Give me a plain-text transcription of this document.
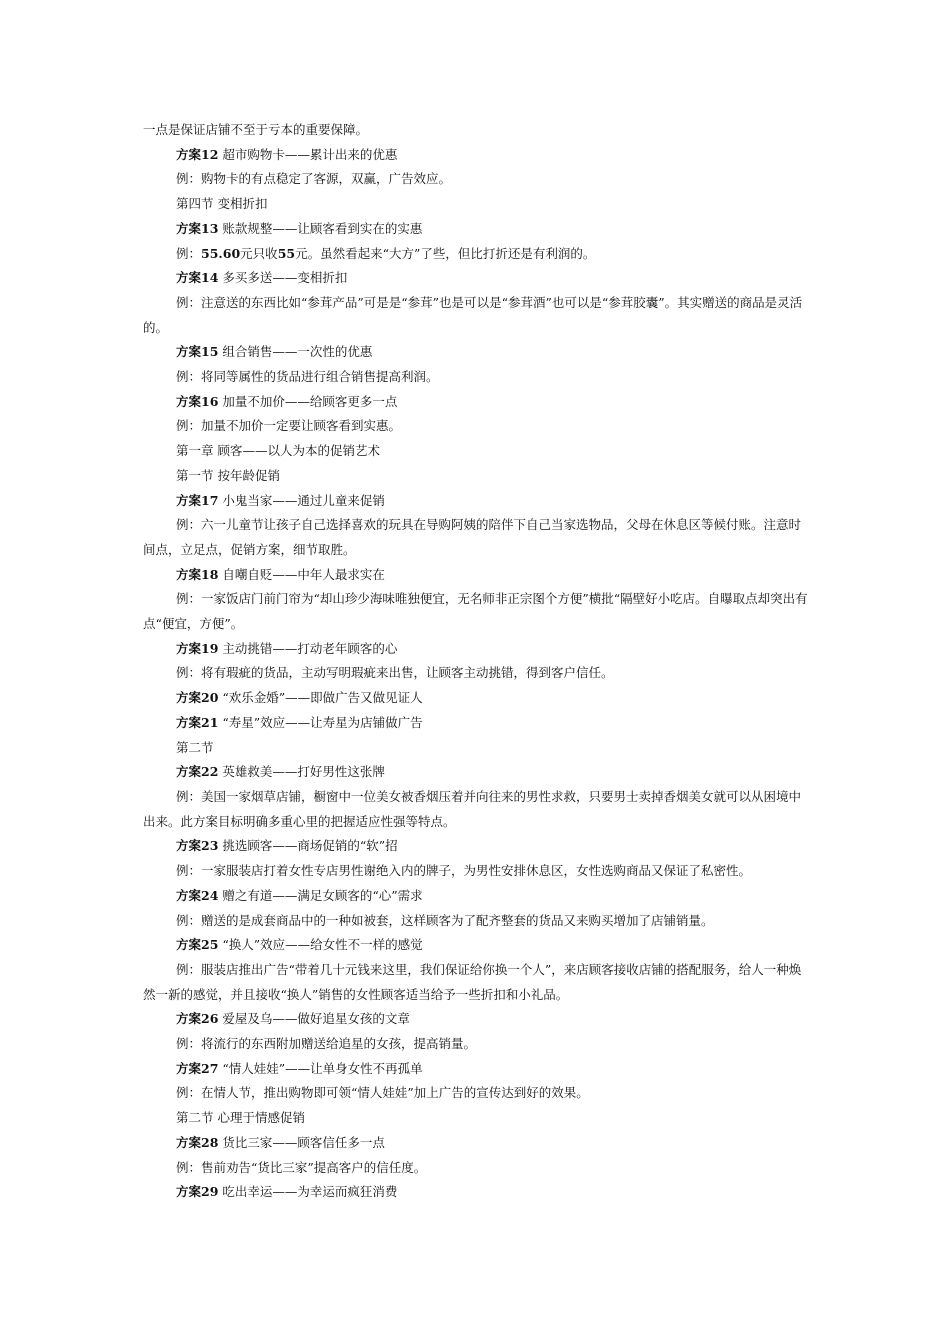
一点是保证店铺不至于亏本的重要保障。
方案12 超市购物卡——累计出来的优惠
例：购物卡的有点稳定了客源，双赢，广告效应。
第四节 变相折扣
方案13 账款规整——让顾客看到实在的实惠
例：55.60元只收55元。虽然看起来“大方”了些，但比打折还是有利润的。
方案14 多买多送——变相折扣
例：注意送的东西比如“参茸产品”可是是“参茸”也是可以是“参茸酒”也可以是“参茸胶囊”。其实赠送的商品是灵活的。
方案15 组合销售——一次性的优惠
例：将同等属性的货品进行组合销售提高利润。
方案16 加量不加价——给顾客更多一点
例：加量不加价一定要让顾客看到实惠。
第一章 顾客——以人为本的促销艺术
第一节 按年龄促销
方案17 小鬼当家——通过儿童来促销
例：六一儿童节让孩子自己选择喜欢的玩具在导购阿姨的陪伴下自己当家选物品，父母在休息区等候付账。注意时间点，立足点，促销方案，细节取胜。
方案18 自嘲自贬——中年人最求实在
例：一家饭店门前门帘为“却山珍少海味唯独便宜，无名师非正宗图个方便”横批“隔壁好小吃店。自曝取点却突出有点“便宜，方便”。
方案19 主动挑错——打动老年顾客的心
例：将有瑕疵的货品，主动写明瑕疵来出售，让顾客主动挑错，得到客户信任。
方案20 “欢乐金婚”——即做广告又做见证人
方案21 “寿星”效应——让寿星为店铺做广告
第二节
方案22 英雄救美——打好男性这张牌
例：美国一家烟草店铺，橱窗中一位美女被香烟压着并向往来的男性求救，只要男士卖掉香烟美女就可以从困境中出来。此方案目标明确多重心里的把握适应性强等特点。
方案23 挑选顾客——商场促销的“软”招
例：一家服装店打着女性专店男性谢绝入内的牌子，为男性安排休息区，女性选购商品又保证了私密性。
方案24 赠之有道——满足女顾客的“心”需求
例：赠送的是成套商品中的一种如被套，这样顾客为了配齐整套的货品又来购买增加了店铺销量。
方案25 “换人”效应——给女性不一样的感觉
例：服装店推出广告“带着几十元钱来这里，我们保证给你换一个人”，来店顾客接收店铺的搭配服务，给人一种焕然一新的感觉，并且接收“换人”销售的女性顾客适当给予一些折扣和小礼品。
方案26 爱屋及乌——做好追星女孩的文章
例：将流行的东西附加赠送给追星的女孩，提高销量。
方案27 “情人娃娃”——让单身女性不再孤单
例：在情人节，推出购物即可领“情人娃娃”加上广告的宣传达到好的效果。
第二节 心理于情感促销
方案28 货比三家——顾客信任多一点
例：售前劝告“货比三家”提高客户的信任度。
方案29 吃出幸运——为幸运而疯狂消费
